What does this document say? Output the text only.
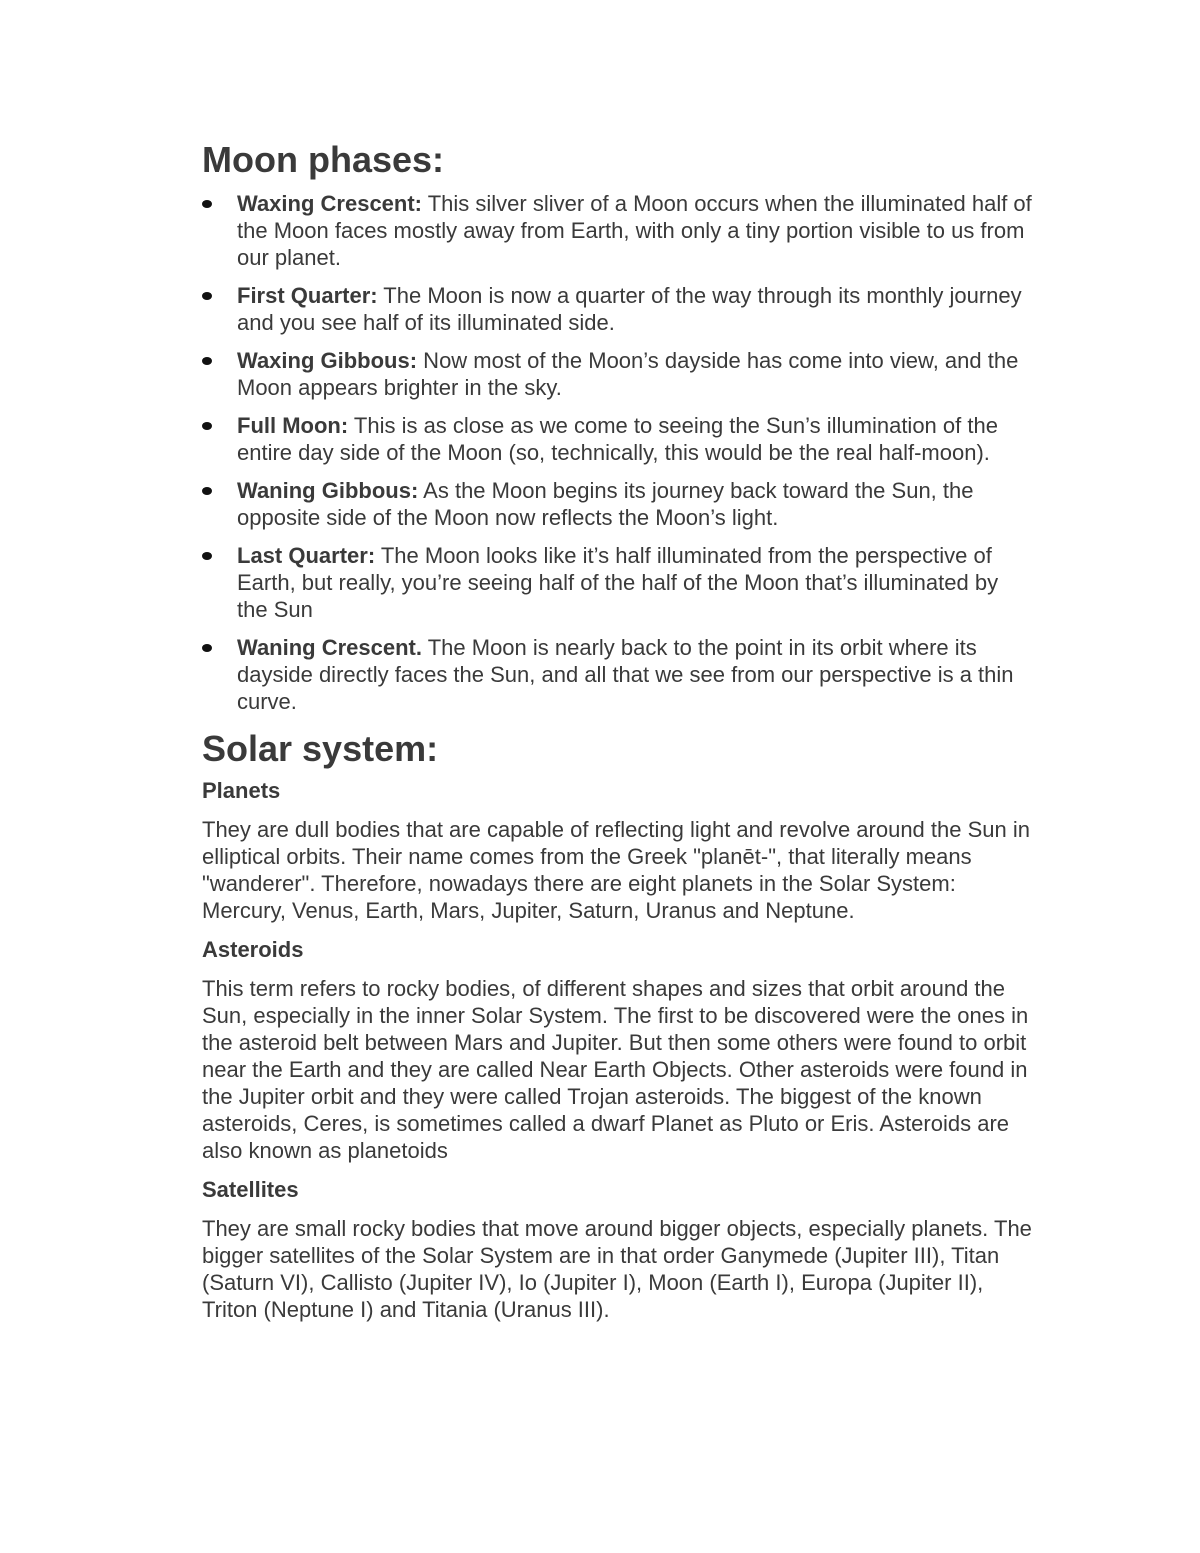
Moon phases:
Waxing Crescent: This silver sliver of a Moon occurs when the illuminated half of the Moon faces mostly away from Earth, with only a tiny portion visible to us from our planet.
First Quarter: The Moon is now a quarter of the way through its monthly journey and you see half of its illuminated side.
Waxing Gibbous: Now most of the Moon’s dayside has come into view, and the Moon appears brighter in the sky.
Full Moon: This is as close as we come to seeing the Sun’s illumination of the entire day side of the Moon (so, technically, this would be the real half-moon).
Waning Gibbous: As the Moon begins its journey back toward the Sun, the opposite side of the Moon now reflects the Moon’s light.
Last Quarter: The Moon looks like it’s half illuminated from the perspective of Earth, but really, you’re seeing half of the half of the Moon that’s illuminated by the Sun
Waning Crescent. The Moon is nearly back to the point in its orbit where its dayside directly faces the Sun, and all that we see from our perspective is a thin curve.
Solar system:
Planets

They are dull bodies that are capable of reflecting light and revolve around the Sun in elliptical orbits. Their name comes from the Greek "planēt-", that literally means "wanderer". Therefore, nowadays there are eight planets in the Solar System: Mercury, Venus, Earth, Mars, Jupiter, Saturn, Uranus and Neptune.

Asteroids

This term refers to rocky bodies, of different shapes and sizes that orbit around the Sun, especially in the inner Solar System. The first to be discovered were the ones in the asteroid belt between Mars and Jupiter. But then some others were found to orbit near the Earth and they are called Near Earth Objects. Other asteroids were found in the Jupiter orbit and they were called Trojan asteroids. The biggest of the known asteroids, Ceres, is sometimes called a dwarf Planet as Pluto or Eris. Asteroids are also known as planetoids

Satellites

They are small rocky bodies that move around bigger objects, especially planets. The bigger satellites of the Solar System are in that order Ganymede (Jupiter III), Titan (Saturn VI), Callisto (Jupiter IV), Io (Jupiter I), Moon (Earth I), Europa (Jupiter II), Triton (Neptune I) and Titania (Uranus III).
